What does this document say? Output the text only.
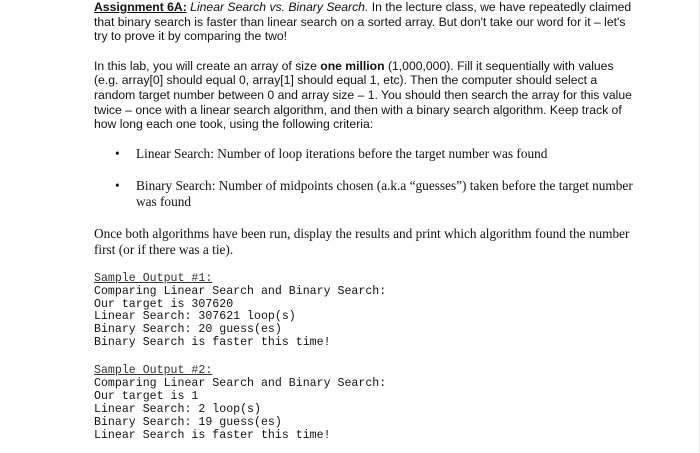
Assignment 6A: Linear Search vs. Binary Search. In the lecture class, we have repeatedly claimed that binary search is faster than linear search on a sorted array. But don't take our word for it – let's try to prove it by comparing the two!

In this lab, you will create an array of size one million (1,000,000). Fill it sequentially with values (e.g. array[0] should equal 0, array[1] should equal 1, etc). Then the computer should select a random target number between 0 and array size – 1. You should then search the array for this value twice – once with a linear search algorithm, and then with a binary search algorithm. Keep track of how long each one took, using the following criteria:

• Linear Search: Number of loop iterations before the target number was found
• Binary Search: Number of midpoints chosen (a.k.a “guesses”) taken before the target number was found

Once both algorithms have been run, display the results and print which algorithm found the number first (or if there was a tie).

Sample Output #1:
Comparing Linear Search and Binary Search:
Our target is 307620
Linear Search: 307621 loop(s)
Binary Search: 20 guess(es)
Binary Search is faster this time!
Sample Output #2:
Comparing Linear Search and Binary Search:
Our target is 1
Linear Search: 2 loop(s)
Binary Search: 19 guess(es)
Linear Search is faster this time!
